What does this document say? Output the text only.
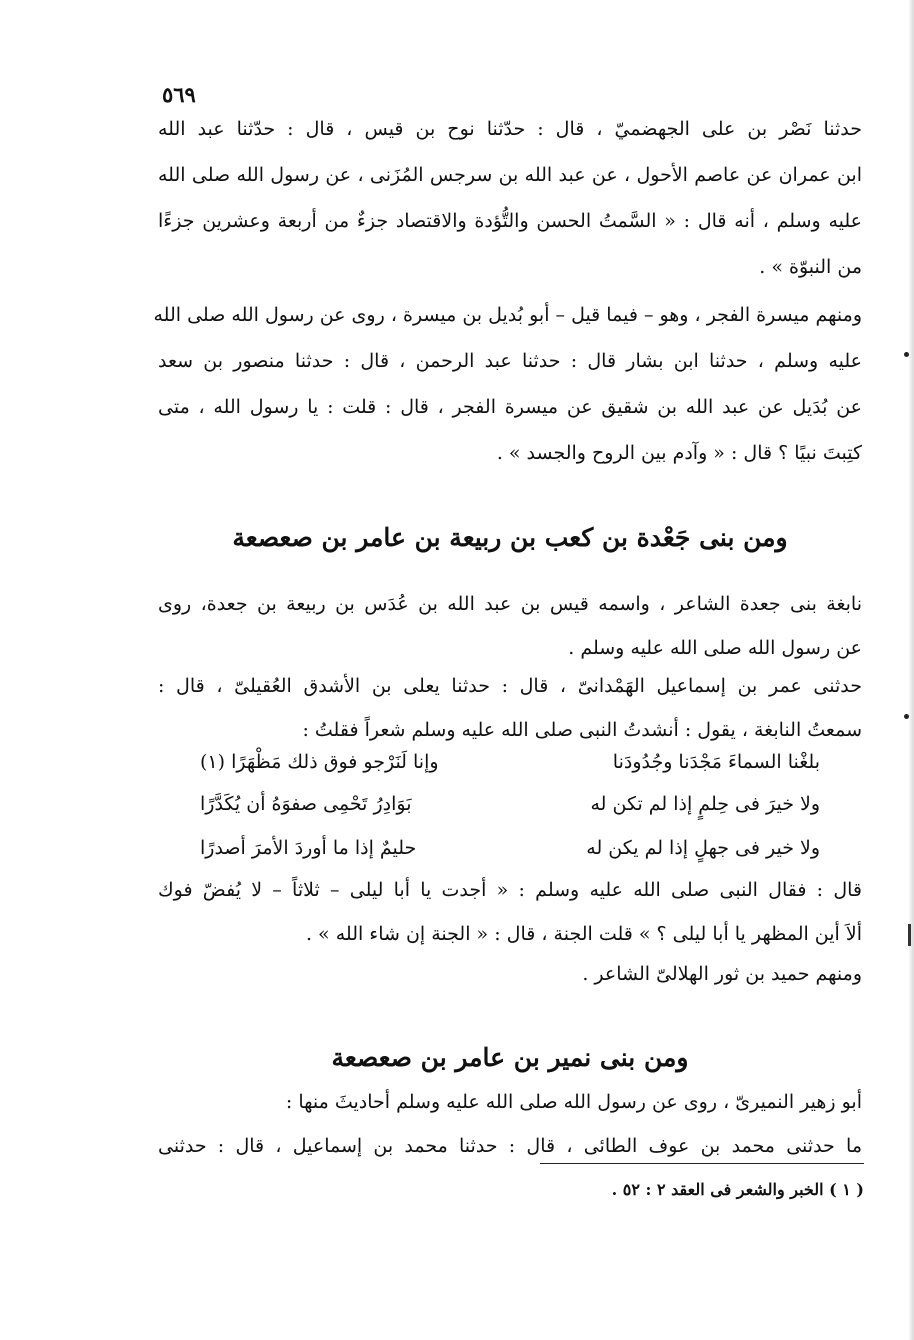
٥٦٩
حدثنا نَصْر بن على الجهضميّ ، قال : حدّثنا نوح بن قيس ، قال : حدّثنا عبد الله
ابن عمران عن عاصم الأحول ، عن عبد الله بن سرجس المُزَنى ، عن رسول الله صلى الله
عليه وسلم ، أنه قال : « السَّمتُ الحسن والتُّؤدة والاقتصاد جزءٌ من أربعة وعشرين جزءًا
من النبوّة » .
ومنهم ميسرة الفجر ، وهو – فيما قيل – أبو بُديل بن ميسرة ، روى عن رسول الله صلى الله
عليه وسلم ، حدثنا ابن بشار قال : حدثنا عبد الرحمن ، قال : حدثنا منصور بن سعد
عن بُدَيل عن عبد الله بن شقيق عن ميسرة الفجر ، قال : قلت : يا رسول الله ، متى
كتِبتَ نبيًا ؟ قال : « وآدم بين الروح والجسد » .
ومن بنى جَعْدة بن كعب بن ربيعة بن عامر بن صعصعة
نابغة بنى جعدة الشاعر ، واسمه قيس بن عبد الله بن عُدَس بن ربيعة بن جعدة، روى
عن رسول الله صلى الله عليه وسلم .
حدثنى عمر بن إسماعيل الهَمْدانىّ ، قال : حدثنا يعلى بن الأشدق العُقيلىّ ، قال :
سمعتُ النابغة ، يقول : أنشدتُ النبى صلى الله عليه وسلم شعراً فقلتُ :
بلغْنا السماءَ مَجْدَنا وجُدُودَنا
وإنا لَنَرْجو فوق ذلك مَظْهَرًا (١)
ولا خيرَ فى حِلمٍ إذا لم تكن له
بَوَادِرُ تَحْمِى صفوَهُ أن يُكَدَّرًا
ولا خير فى جهلٍ إذا لم يكن له
حليمٌ إذا ما أوردَ الأمرَ أصدرًا
قال : فقال النبى صلى الله عليه وسلم : « أجدت يا أبا ليلى – ثلاثاً – لا يُفضّ فوك
ألاَ أين المظهر يا أبا ليلى ؟ » قلت الجنة ، قال : « الجنة إن شاء الله » .
ومنهم حميد بن ثور الهلالىّ الشاعر .
ومن بنى نمير بن عامر بن صعصعة
أبو زهير النميرىّ ، روى عن رسول الله صلى الله عليه وسلم أحاديثَ منها :
ما حدثنى محمد بن عوف الطائى ، قال : حدثنا محمد بن إسماعيل ، قال : حدثنى
( ١ ) الخبر والشعر فى العقد ٢ : ٥٢ .
